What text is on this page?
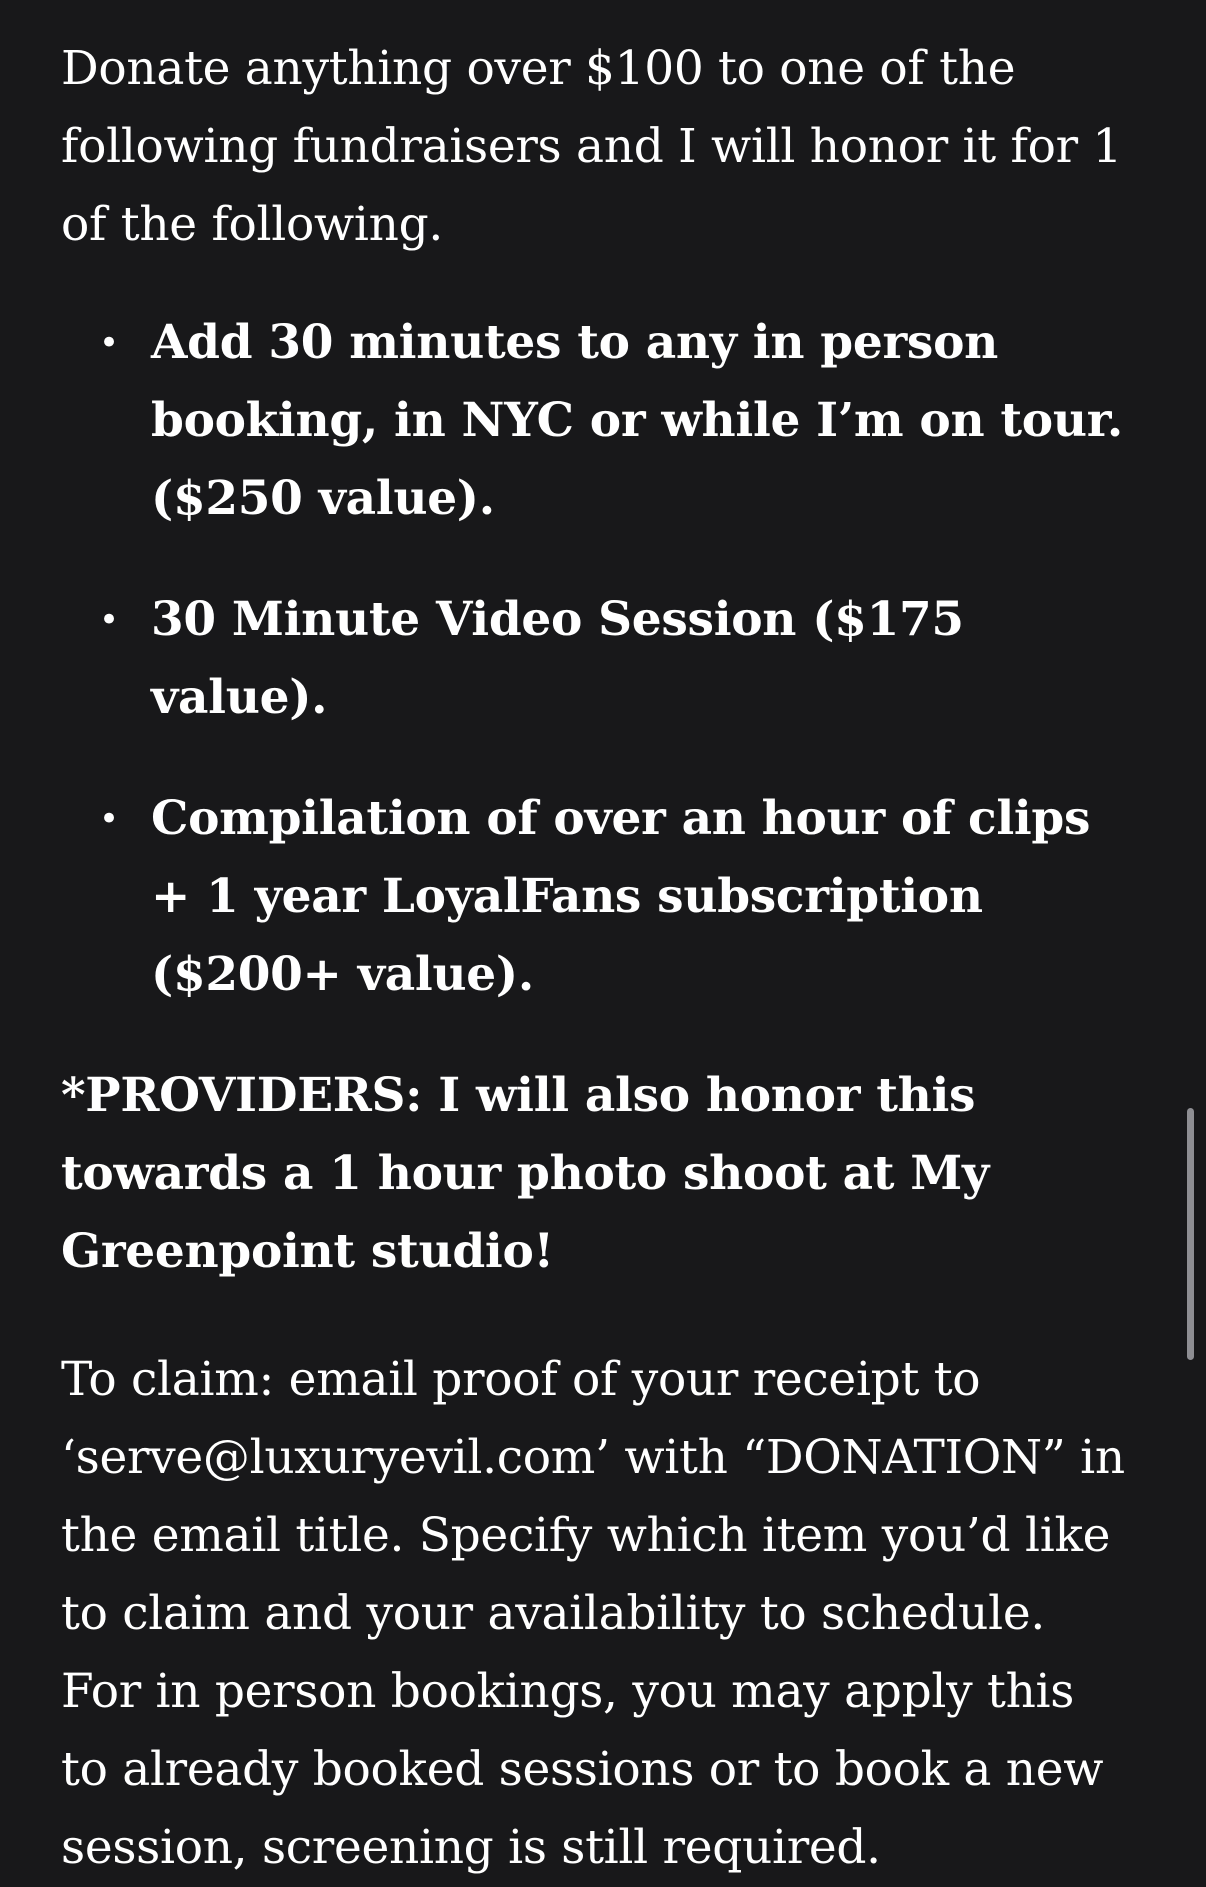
Donate anything over $100 to one of the following fundraisers and I will honor it for 1 of the following.

• Add 30 minutes to any in person booking, in NYC or while I’m on tour. ($250 value).
• 30 Minute Video Session ($175 value).
• Compilation of over an hour of clips + 1 year LoyalFans subscription ($200+ value).

*PROVIDERS: I will also honor this towards a 1 hour photo shoot at My Greenpoint studio!

To claim: email proof of your receipt to ‘serve@luxuryevil.com’ with “DONATION” in the email title. Specify which item you’d like to claim and your availability to schedule. For in person bookings, you may apply this to already booked sessions or to book a new session, screening is still required.
